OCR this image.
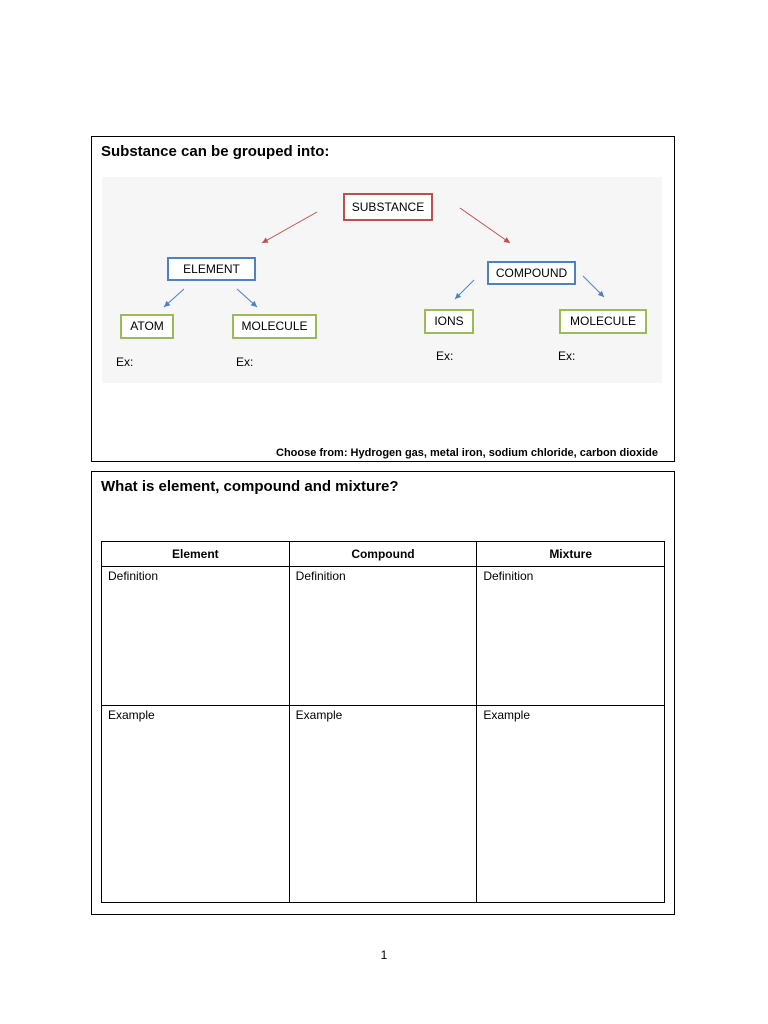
Substance can be grouped into:
SUBSTANCE
ELEMENT	COMPOUND
ATOM	MOLECULE	IONS	MOLECULE
Ex:	Ex:	Ex:	Ex:
Choose from: Hydrogen gas, metal iron, sodium chloride, carbon dioxide
What is element, compound and mixture?
Element	Compound	Mixture
Definition	Definition	Definition
Example	Example	Example
1
